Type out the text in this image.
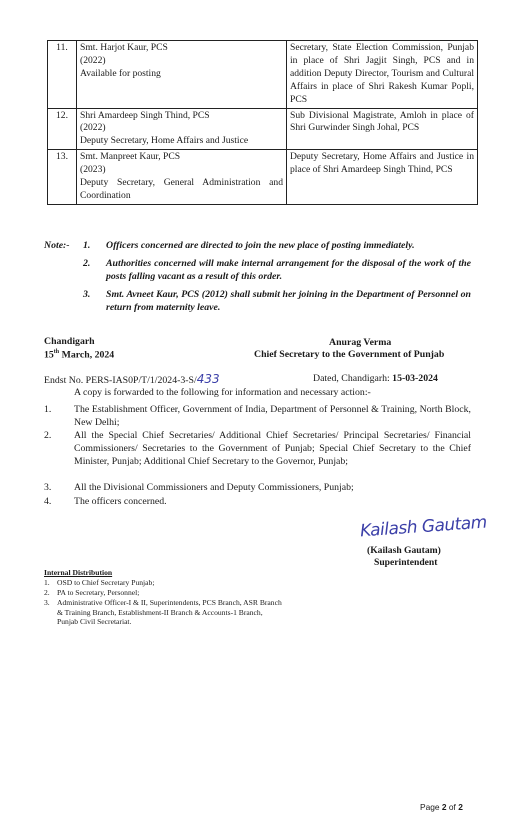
11.	Smt. Harjot Kaur, PCS
(2022)
Available for posting	Secretary, State Election Commission, Punjab in place of Shri Jagjit Singh, PCS and in addition Deputy Director, Tourism and Cultural Affairs in place of Shri Rakesh Kumar Popli, PCS
12.	Shri Amardeep Singh Thind, PCS
(2022)
Deputy Secretary, Home Affairs and Justice	Sub Divisional Magistrate, Amloh in place of Shri Gurwinder Singh Johal, PCS
13.	Smt. Manpreet Kaur, PCS
(2023)
Deputy Secretary, General Administration and Coordination	Deputy Secretary, Home Affairs and Justice in place of Shri Amardeep Singh Thind, PCS
Note:- 1. Officers concerned are directed to join the new place of posting immediately.
2. Authorities concerned will make internal arrangement for the disposal of the work of the posts falling vacant as a result of this order.
3. Smt. Avneet Kaur, PCS (2012) shall submit her joining in the Department of Personnel on return from maternity leave.
Chandigarh
15th March, 2024
Anurag Verma
Chief Secretary to the Government of Punjab
Endst No. PERS-IAS0P/T/1/2024-3-S/433	Dated, Chandigarh: 15-03-2024
A copy is forwarded to the following for information and necessary action:-
1. The Establishment Officer, Government of India, Department of Personnel & Training, North Block, New Delhi;
2. All the Special Chief Secretaries/ Additional Chief Secretaries/ Principal Secretaries/ Financial Commissioners/ Secretaries to the Government of Punjab; Special Chief Secretary to the Chief Minister, Punjab; Additional Chief Secretary to the Governor, Punjab;
3. All the Divisional Commissioners and Deputy Commissioners, Punjab;
4. The officers concerned.
Kailash Gautam
(Kailash Gautam)
Superintendent
Internal Distribution
1. OSD to Chief Secretary Punjab;
2. PA to Secretary, Personnel;
3. Administrative Officer-I & II, Superintendents, PCS Branch, ASR Branch & Training Branch, Establishment-II Branch & Accounts-1 Branch, Punjab Civil Secretariat.
Page 2 of 2
